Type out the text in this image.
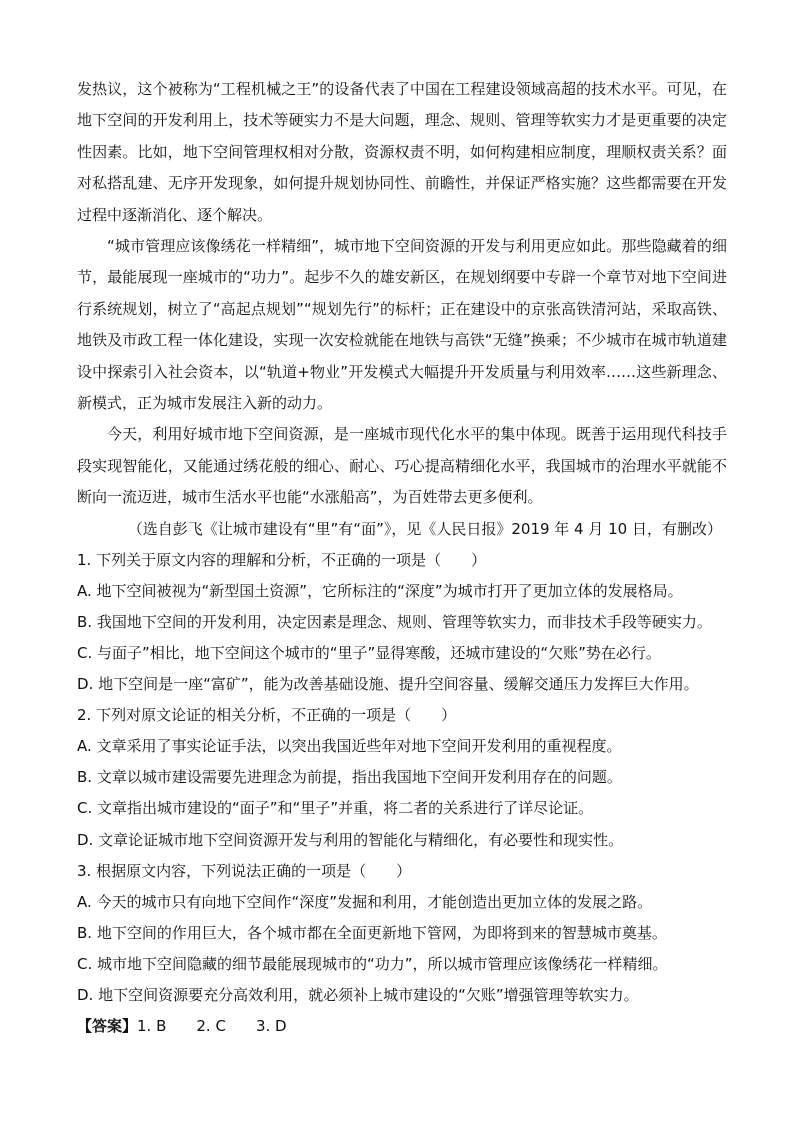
发热议，这个被称为“工程机械之王”的设备代表了中国在工程建设领域高超的技术水平。可见，在地下空间的开发利用上，技术等硬实力不是大问题，理念、规则、管理等软实力才是更重要的决定性因素。比如，地下空间管理权相对分散，资源权责不明，如何构建相应制度，理顺权责关系？面对私搭乱建、无序开发现象，如何提升规划协同性、前瞻性，并保证严格实施？这些都需要在开发过程中逐渐消化、逐个解决。

“城市管理应该像绣花一样精细”，城市地下空间资源的开发与利用更应如此。那些隐藏着的细节，最能展现一座城市的“功力”。起步不久的雄安新区，在规划纲要中专辟一个章节对地下空间进行系统规划，树立了“高起点规划”“规划先行”的标杆；正在建设中的京张高铁清河站，采取高铁、地铁及市政工程一体化建设，实现一次安检就能在地铁与高铁“无缝”换乘；不少城市在城市轨道建设中探索引入社会资本，以“轨道+物业”开发模式大幅提升开发质量与利用效率……这些新理念、新模式，正为城市发展注入新的动力。

今天，利用好城市地下空间资源，是一座城市现代化水平的集中体现。既善于运用现代科技手段实现智能化，又能通过绣花般的细心、耐心、巧心提高精细化水平，我国城市的治理水平就能不断向一流迈进，城市生活水平也能“水涨船高”，为百姓带去更多便利。

（选自彭飞《让城市建设有“里”有“面”》，见《人民日报》2019 年 4 月 10 日，有删改）

1. 下列关于原文内容的理解和分析，不正确的一项是（　　）

A. 地下空间被视为“新型国土资源”，它所标注的“深度”为城市打开了更加立体的发展格局。

B. 我国地下空间的开发利用，决定因素是理念、规则、管理等软实力，而非技术手段等硬实力。

C. 与面子”相比，地下空间这个城市的“里子”显得寒酸，还城市建设的“欠账”势在必行。

D. 地下空间是一座“富矿”，能为改善基础设施、提升空间容量、缓解交通压力发挥巨大作用。

2. 下列对原文论证的相关分析，不正确的一项是（　　）

A. 文章采用了事实论证手法，以突出我国近些年对地下空间开发利用的重视程度。

B. 文章以城市建设需要先进理念为前提，指出我国地下空间开发利用存在的问题。

C. 文章指出城市建设的“面子”和“里子”并重，将二者的关系进行了详尽论证。

D. 文章论证城市地下空间资源开发与利用的智能化与精细化，有必要性和现实性。

3. 根据原文内容，下列说法正确的一项是（　　）

A. 今天的城市只有向地下空间作“深度”发掘和利用，才能创造出更加立体的发展之路。

B. 地下空间的作用巨大，各个城市都在全面更新地下管网，为即将到来的智慧城市奠基。

C. 城市地下空间隐藏的细节最能展现城市的“功力”，所以城市管理应该像绣花一样精细。

D. 地下空间资源要充分高效利用，就必须补上城市建设的“欠账”增强管理等软实力。

【答案】1. B　　2. C　　3. D
